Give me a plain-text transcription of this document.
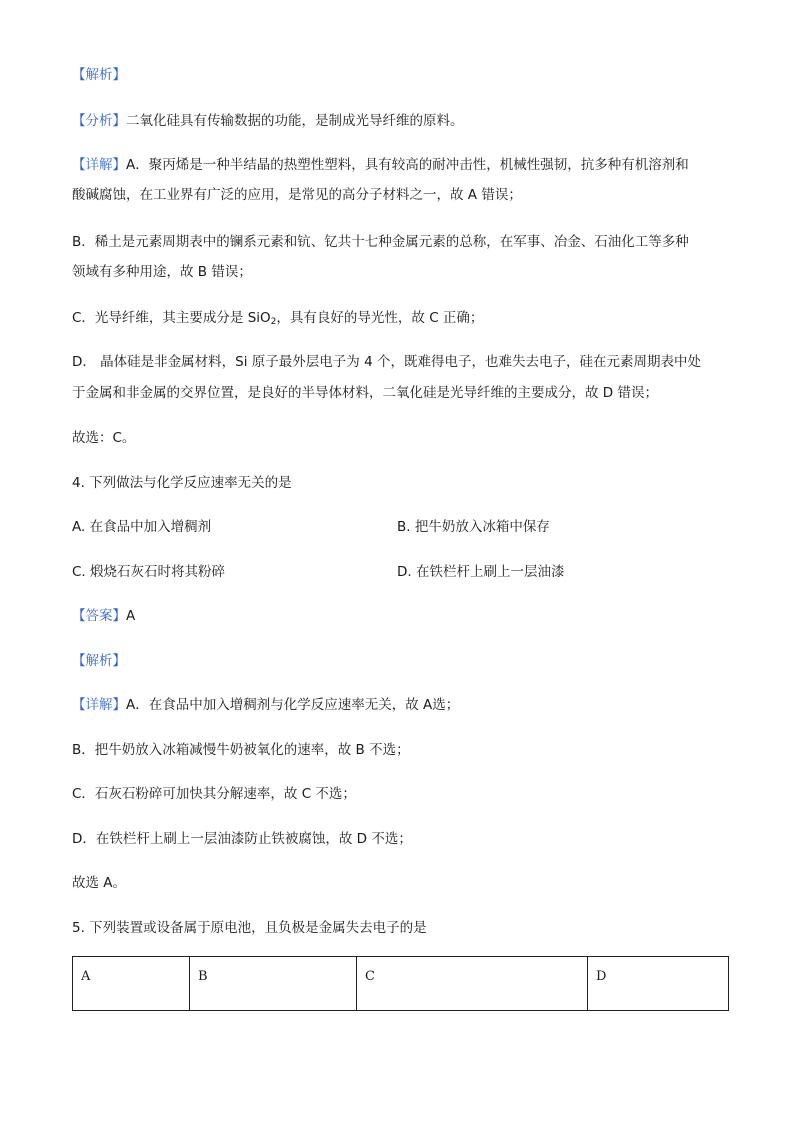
【解析】
【分析】二氧化硅具有传输数据的功能，是制成光导纤维的原料。
【详解】A．聚丙烯是一种半结晶的热塑性塑料，具有较高的耐冲击性，机械性强韧，抗多种有机溶剂和
酸碱腐蚀，在工业界有广泛的应用，是常见的高分子材料之一，故 A 错误；
B．稀土是元素周期表中的镧系元素和钪、钇共十七种金属元素的总称，在军事、冶金、石油化工等多种
领域有多种用途，故 B 错误；
C．光导纤维，其主要成分是 SiO$_2$，具有良好的导光性，故 C 正确；
D． 晶体硅是非金属材料，Si 原子最外层电子为 4 个，既难得电子，也难失去电子，硅在元素周期表中处
于金属和非金属的交界位置，是良好的半导体材料，二氧化硅是光导纤维的主要成分，故 D 错误；
故选：C。
4. 下列做法与化学反应速率无关的是
A. 在食品中加入增稠剂	B. 把牛奶放入冰箱中保存
C. 煅烧石灰石时将其粉碎	D. 在铁栏杆上刷上一层油漆
【答案】A
【解析】
【详解】A．在食品中加入增稠剂与化学反应速率无关，故 A选；
B．把牛奶放入冰箱减慢牛奶被氧化的速率，故 B 不选；
C．石灰石粉碎可加快其分解速率，故 C 不选；
D．在铁栏杆上刷上一层油漆防止铁被腐蚀，故 D 不选；
故选 A。
5. 下列装置或设备属于原电池，且负极是金属失去电子的是
A	B	C	D
